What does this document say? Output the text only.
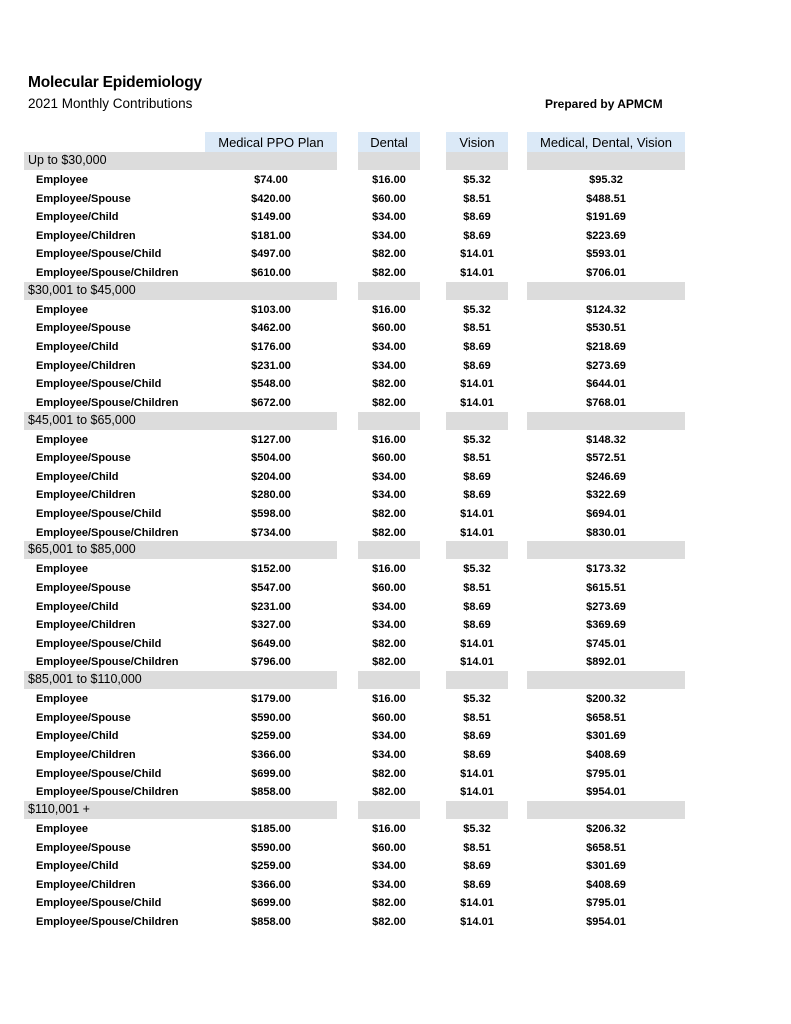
Molecular Epidemiology
2021 Monthly Contributions	Prepared by APMCM
Medical PPO Plan	Dental	Vision	Medical, Dental, Vision
Up to $30,000
Employee	$74.00	$16.00	$5.32	$95.32
Employee/Spouse	$420.00	$60.00	$8.51	$488.51
Employee/Child	$149.00	$34.00	$8.69	$191.69
Employee/Children	$181.00	$34.00	$8.69	$223.69
Employee/Spouse/Child	$497.00	$82.00	$14.01	$593.01
Employee/Spouse/Children	$610.00	$82.00	$14.01	$706.01
$30,001 to $45,000
Employee	$103.00	$16.00	$5.32	$124.32
Employee/Spouse	$462.00	$60.00	$8.51	$530.51
Employee/Child	$176.00	$34.00	$8.69	$218.69
Employee/Children	$231.00	$34.00	$8.69	$273.69
Employee/Spouse/Child	$548.00	$82.00	$14.01	$644.01
Employee/Spouse/Children	$672.00	$82.00	$14.01	$768.01
$45,001 to $65,000
Employee	$127.00	$16.00	$5.32	$148.32
Employee/Spouse	$504.00	$60.00	$8.51	$572.51
Employee/Child	$204.00	$34.00	$8.69	$246.69
Employee/Children	$280.00	$34.00	$8.69	$322.69
Employee/Spouse/Child	$598.00	$82.00	$14.01	$694.01
Employee/Spouse/Children	$734.00	$82.00	$14.01	$830.01
$65,001 to $85,000
Employee	$152.00	$16.00	$5.32	$173.32
Employee/Spouse	$547.00	$60.00	$8.51	$615.51
Employee/Child	$231.00	$34.00	$8.69	$273.69
Employee/Children	$327.00	$34.00	$8.69	$369.69
Employee/Spouse/Child	$649.00	$82.00	$14.01	$745.01
Employee/Spouse/Children	$796.00	$82.00	$14.01	$892.01
$85,001 to $110,000
Employee	$179.00	$16.00	$5.32	$200.32
Employee/Spouse	$590.00	$60.00	$8.51	$658.51
Employee/Child	$259.00	$34.00	$8.69	$301.69
Employee/Children	$366.00	$34.00	$8.69	$408.69
Employee/Spouse/Child	$699.00	$82.00	$14.01	$795.01
Employee/Spouse/Children	$858.00	$82.00	$14.01	$954.01
$110,001 +
Employee	$185.00	$16.00	$5.32	$206.32
Employee/Spouse	$590.00	$60.00	$8.51	$658.51
Employee/Child	$259.00	$34.00	$8.69	$301.69
Employee/Children	$366.00	$34.00	$8.69	$408.69
Employee/Spouse/Child	$699.00	$82.00	$14.01	$795.01
Employee/Spouse/Children	$858.00	$82.00	$14.01	$954.01
